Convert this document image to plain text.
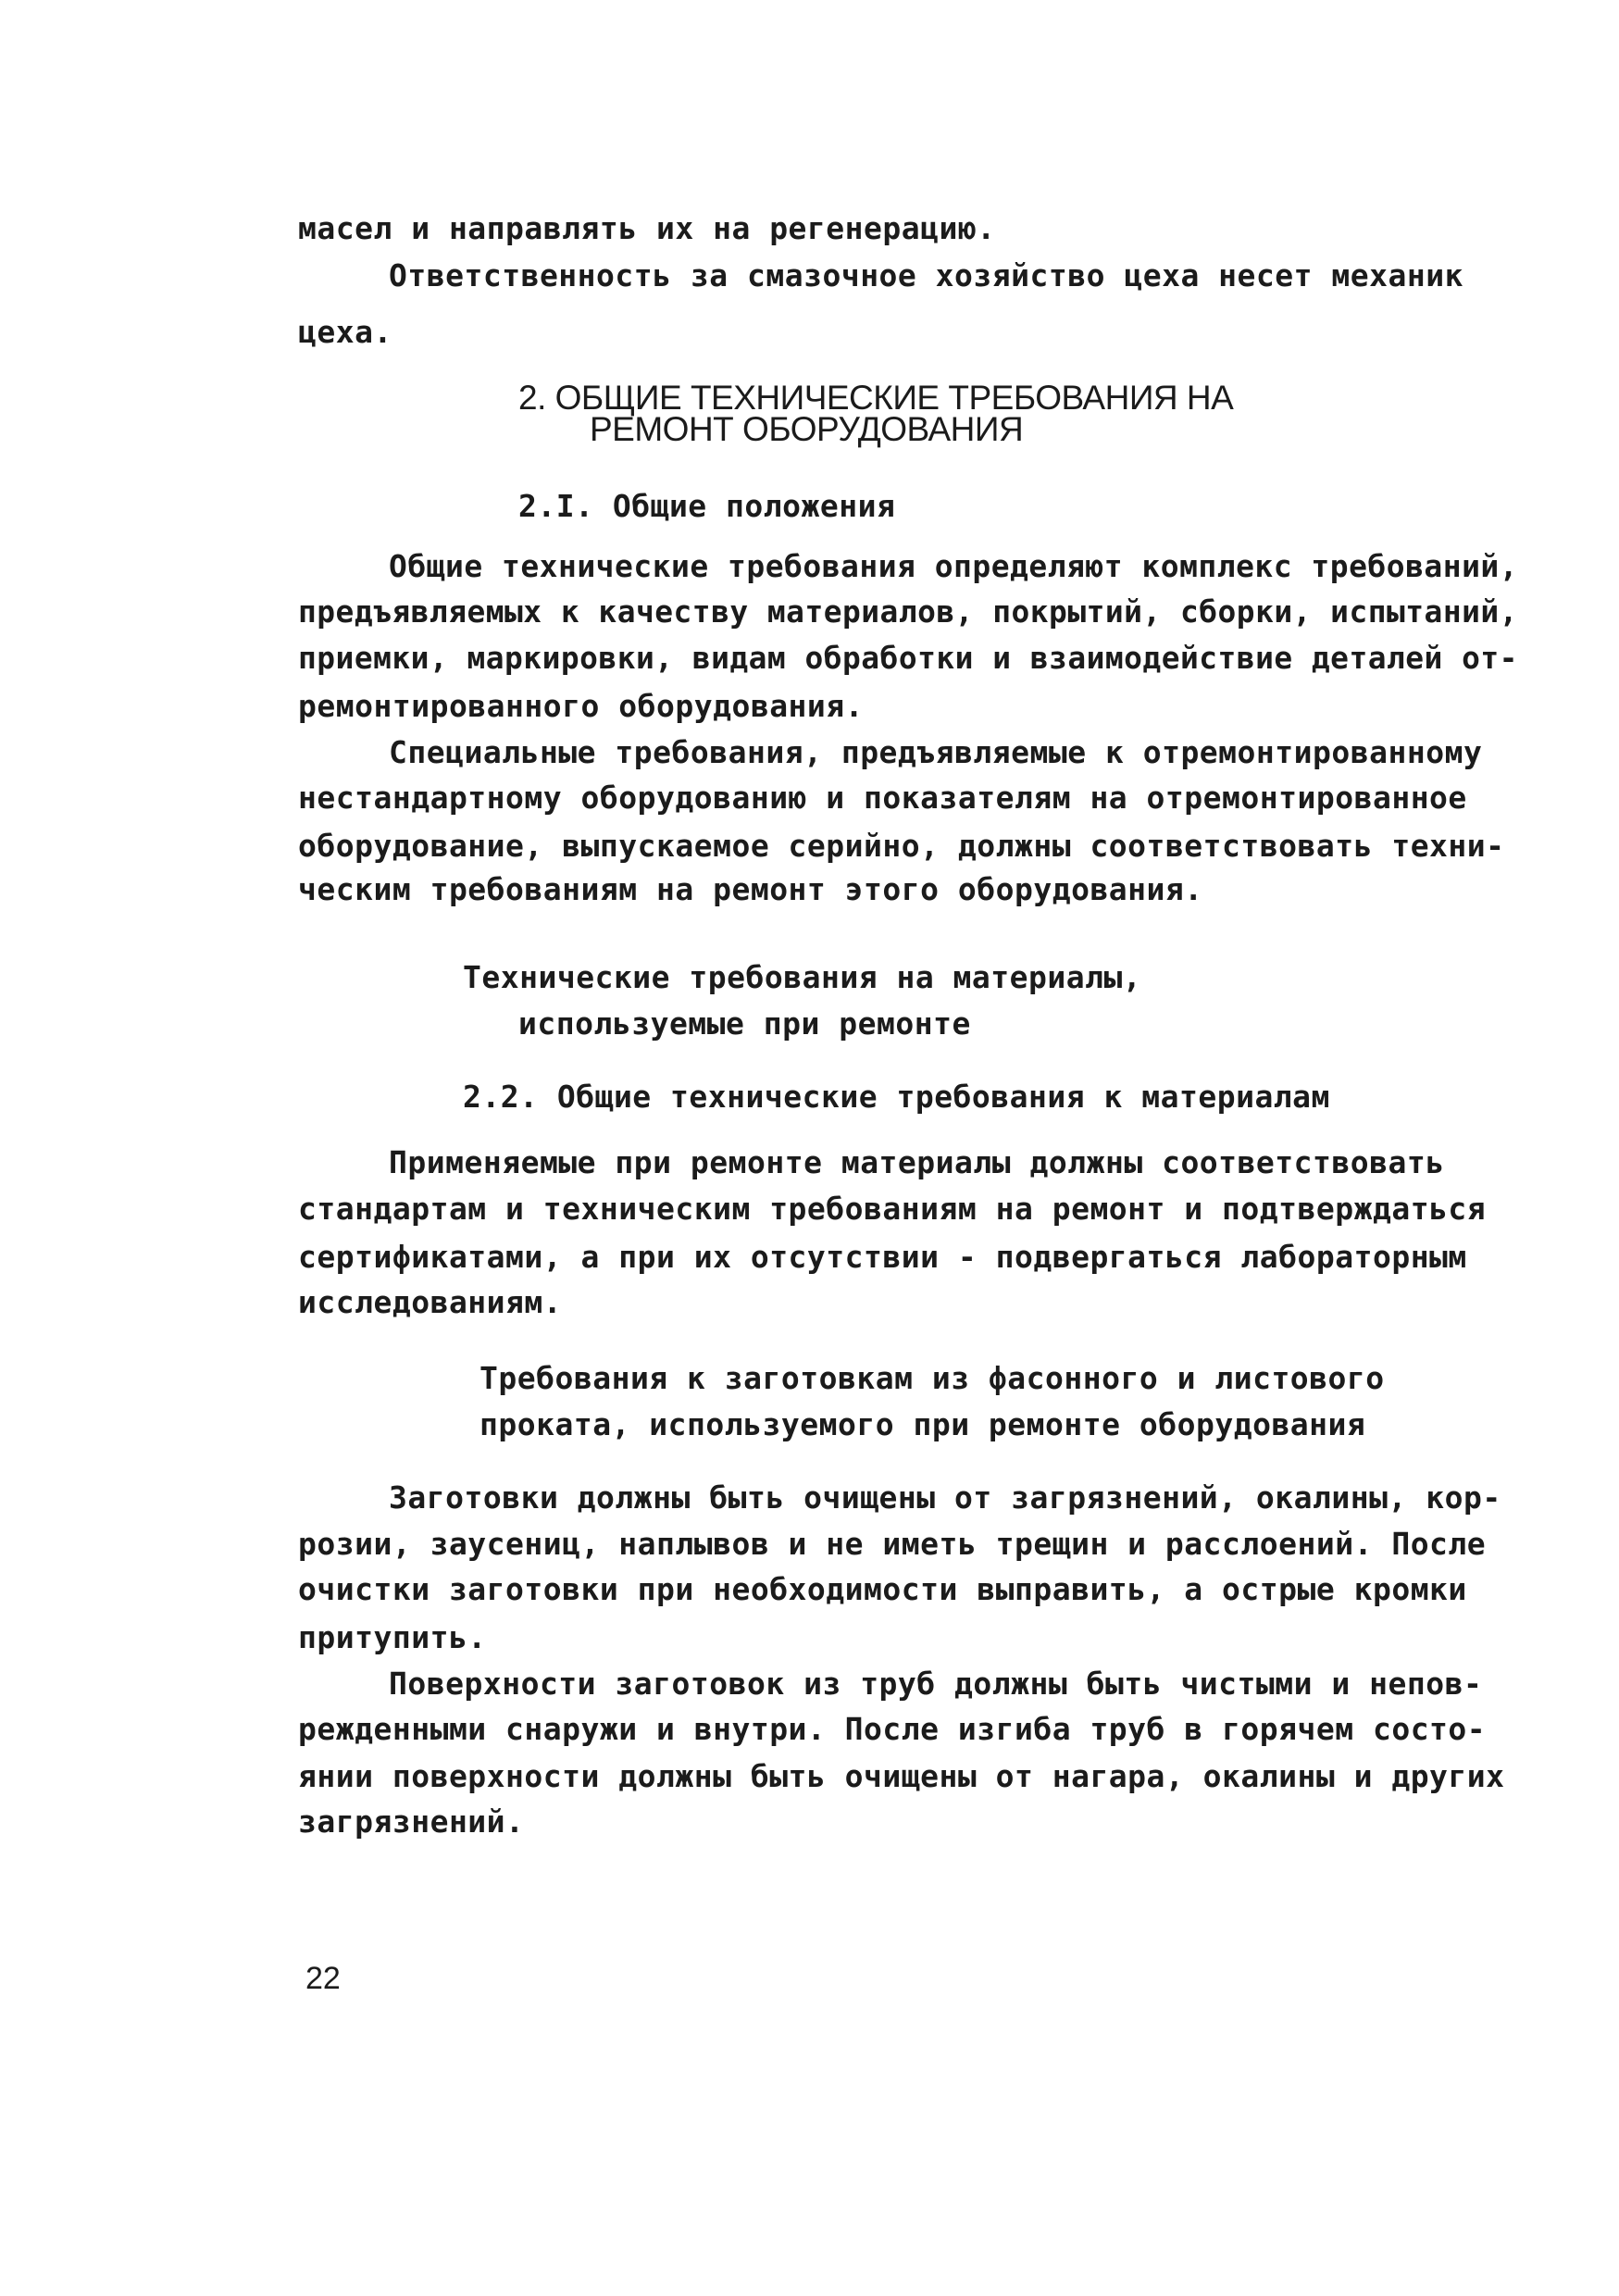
масел и направлять их на регенерацию.
Ответственность за смазочное хозяйство цеха несет механик
цеха.
2. ОБЩИЕ ТЕХНИЧЕСКИЕ ТРЕБОВАНИЯ НА
РЕМОНТ ОБОРУДОВАНИЯ
2.I. Общие положения
Общие технические требования определяют комплекс требований,
предъявляемых к качеству материалов, покрытий, сборки, испытаний,
приемки, маркировки, видам обработки и взаимодействие деталей от-
ремонтированного оборудования.
Специальные требования, предъявляемые к отремонтированному
нестандартному оборудованию и показателям на отремонтированное
оборудование, выпускаемое серийно, должны соответствовать техни-
ческим требованиям на ремонт этого оборудования.
Технические требования на материалы,
используемые при ремонте
2.2. Общие технические требования к материалам
Применяемые при ремонте материалы должны соответствовать
стандартам и техническим требованиям на ремонт и подтверждаться
сертификатами, а при их отсутствии - подвергаться лабораторным
исследованиям.
Требования к заготовкам из фасонного и листового
проката, используемого при ремонте оборудования
Заготовки должны быть очищены от загрязнений, окалины, кор-
розии, заусениц, наплывов и не иметь трещин и расслоений. После
очистки заготовки при необходимости выправить, а острые кромки
притупить.
Поверхности заготовок из труб должны быть чистыми и непов-
режденными снаружи и внутри. После изгиба труб в горячем состо-
янии поверхности должны быть очищены от нагара, окалины и других
загрязнений.
22
